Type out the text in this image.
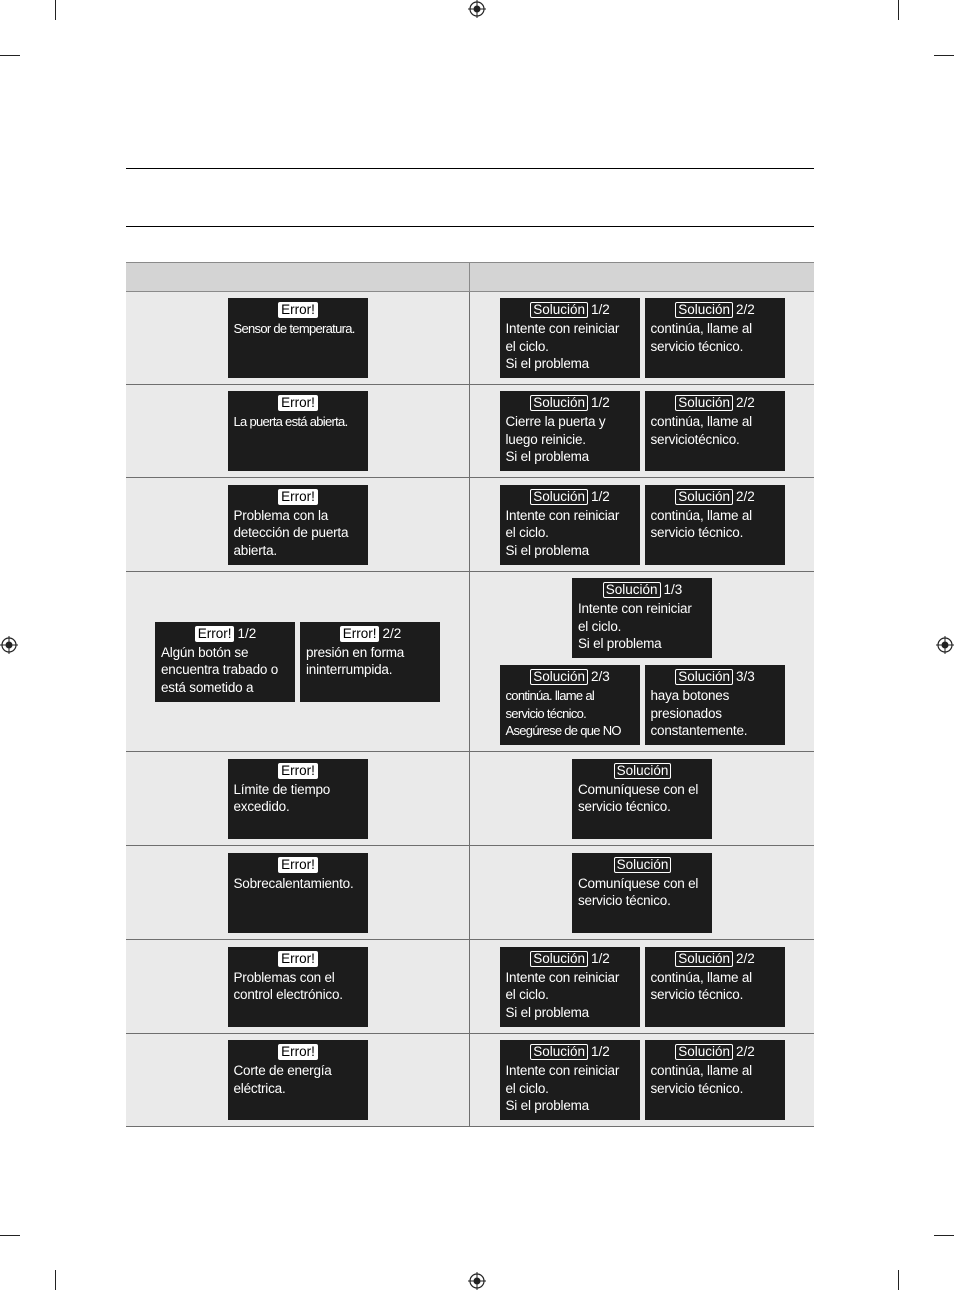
Error!
Sensor de temperatura.
Solución 1/2
Intente con reiniciar
el ciclo.
Si el problema
Solución 2/2
continúa, llame al
servicio técnico.
Error!
La puerta está abierta.
Solución 1/2
Cierre la puerta y
luego reinicie.
Si el problema
Solución 2/2
continúa, llame al
serviciotécnico.
Error!
Problema con la
detección de puerta
abierta.
Solución 1/2
Intente con reiniciar
el ciclo.
Si el problema
Solución 2/2
continúa, llame al
servicio técnico.
Error! 1/2
Algún botón se
encuentra trabado o
está sometido a
Error! 2/2
presión en forma
ininterrumpida.
Solución 1/3
Intente con reiniciar
el ciclo.
Si el problema
Solución 2/3
continúa. llame al
servicio técnico.
Asegúrese de que NO
Solución 3/3
haya botones
presionados
constantemente.
Error!
Límite de tiempo
excedido.
Solución
Comuníquese con el
servicio técnico.
Error!
Sobrecalentamiento.
Solución
Comuníquese con el
servicio técnico.
Error!
Problemas con el
control electrónico.
Solución 1/2
Intente con reiniciar
el ciclo.
Si el problema
Solución 2/2
continúa, llame al
servicio técnico.
Error!
Corte de energía
eléctrica.
Solución 1/2
Intente con reiniciar
el ciclo.
Si el problema
Solución 2/2
continúa, llame al
servicio técnico.
